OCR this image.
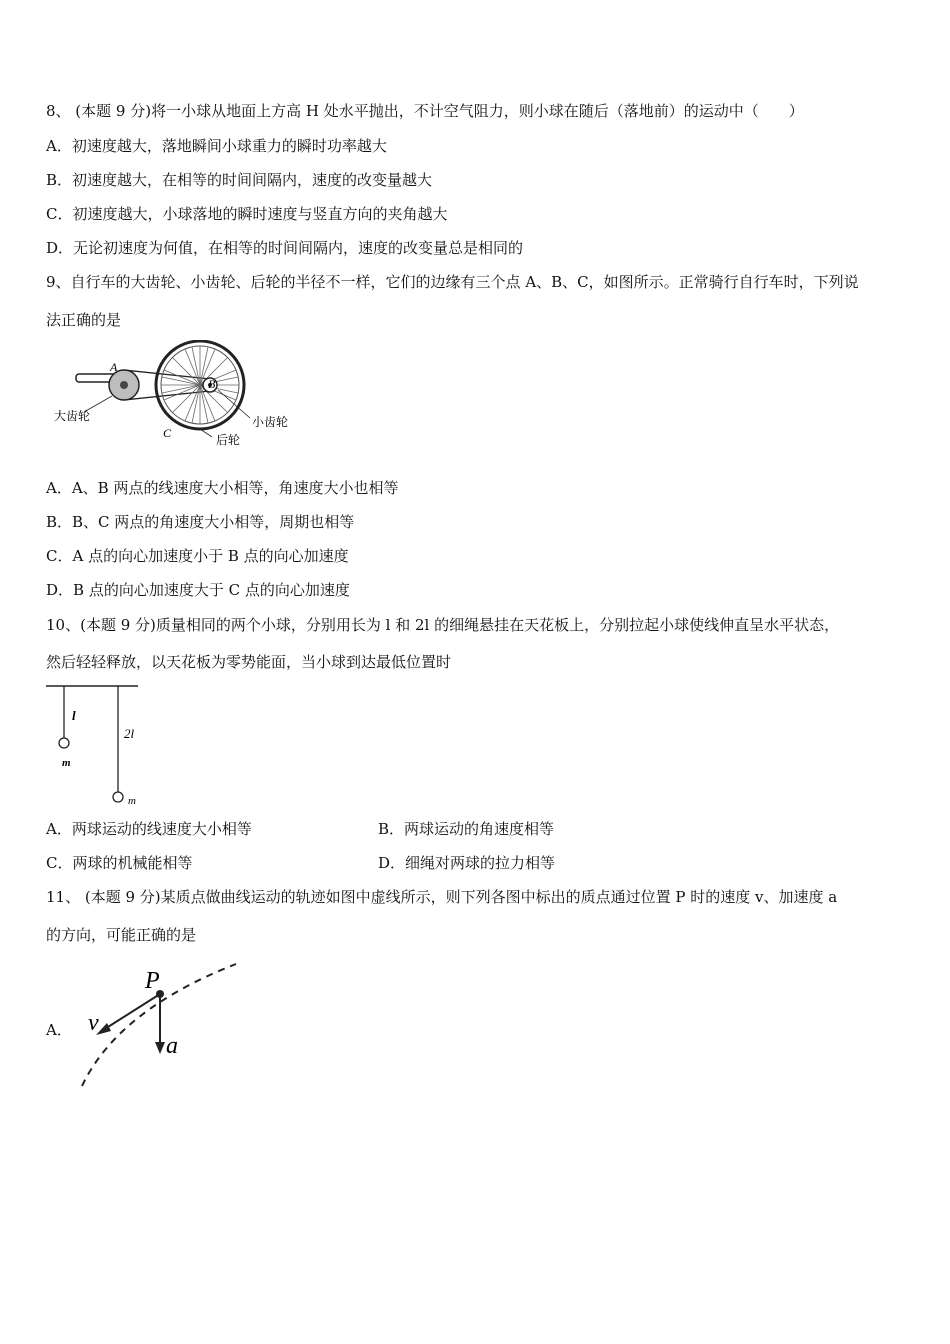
8、 (本题 9 分)将一小球从地面上方高 H 处水平抛出，不计空气阻力，则小球在随后（落地前）的运动中（　　）
A．初速度越大，落地瞬间小球重力的瞬时功率越大
B．初速度越大，在相等的时间间隔内，速度的改变量越大
C．初速度越大，小球落地的瞬时速度与竖直方向的夹角越大
D．无论初速度为何值，在相等的时间间隔内，速度的改变量总是相同的
9、自行车的大齿轮、小齿轮、后轮的半径不一样，它们的边缘有三个点 A、B、C，如图所示。正常骑行自行车时，下列说
法正确的是
A
B
C
大齿轮	小齿轮
后轮
A．A、B 两点的线速度大小相等，角速度大小也相等
B．B、C 两点的角速度大小相等，周期也相等
C．A 点的向心加速度小于 B 点的向心加速度
D．B 点的向心加速度大于 C 点的向心加速度
10、(本题 9 分)质量相同的两个小球，分别用长为 l 和 2l 的细绳悬挂在天花板上，分别拉起小球使线伸直呈水平状态，
然后轻轻释放，以天花板为零势能面，当小球到达最低位置时
l
2l
m
m
A．两球运动的线速度大小相等	B．两球运动的角速度相等
C．两球的机械能相等	D．细绳对两球的拉力相等
11、 (本题 9 分)某质点做曲线运动的轨迹如图中虚线所示，则下列各图中标出的质点通过位置 P 时的速度 v、加速度 a
的方向，可能正确的是
A．
P
v
a
